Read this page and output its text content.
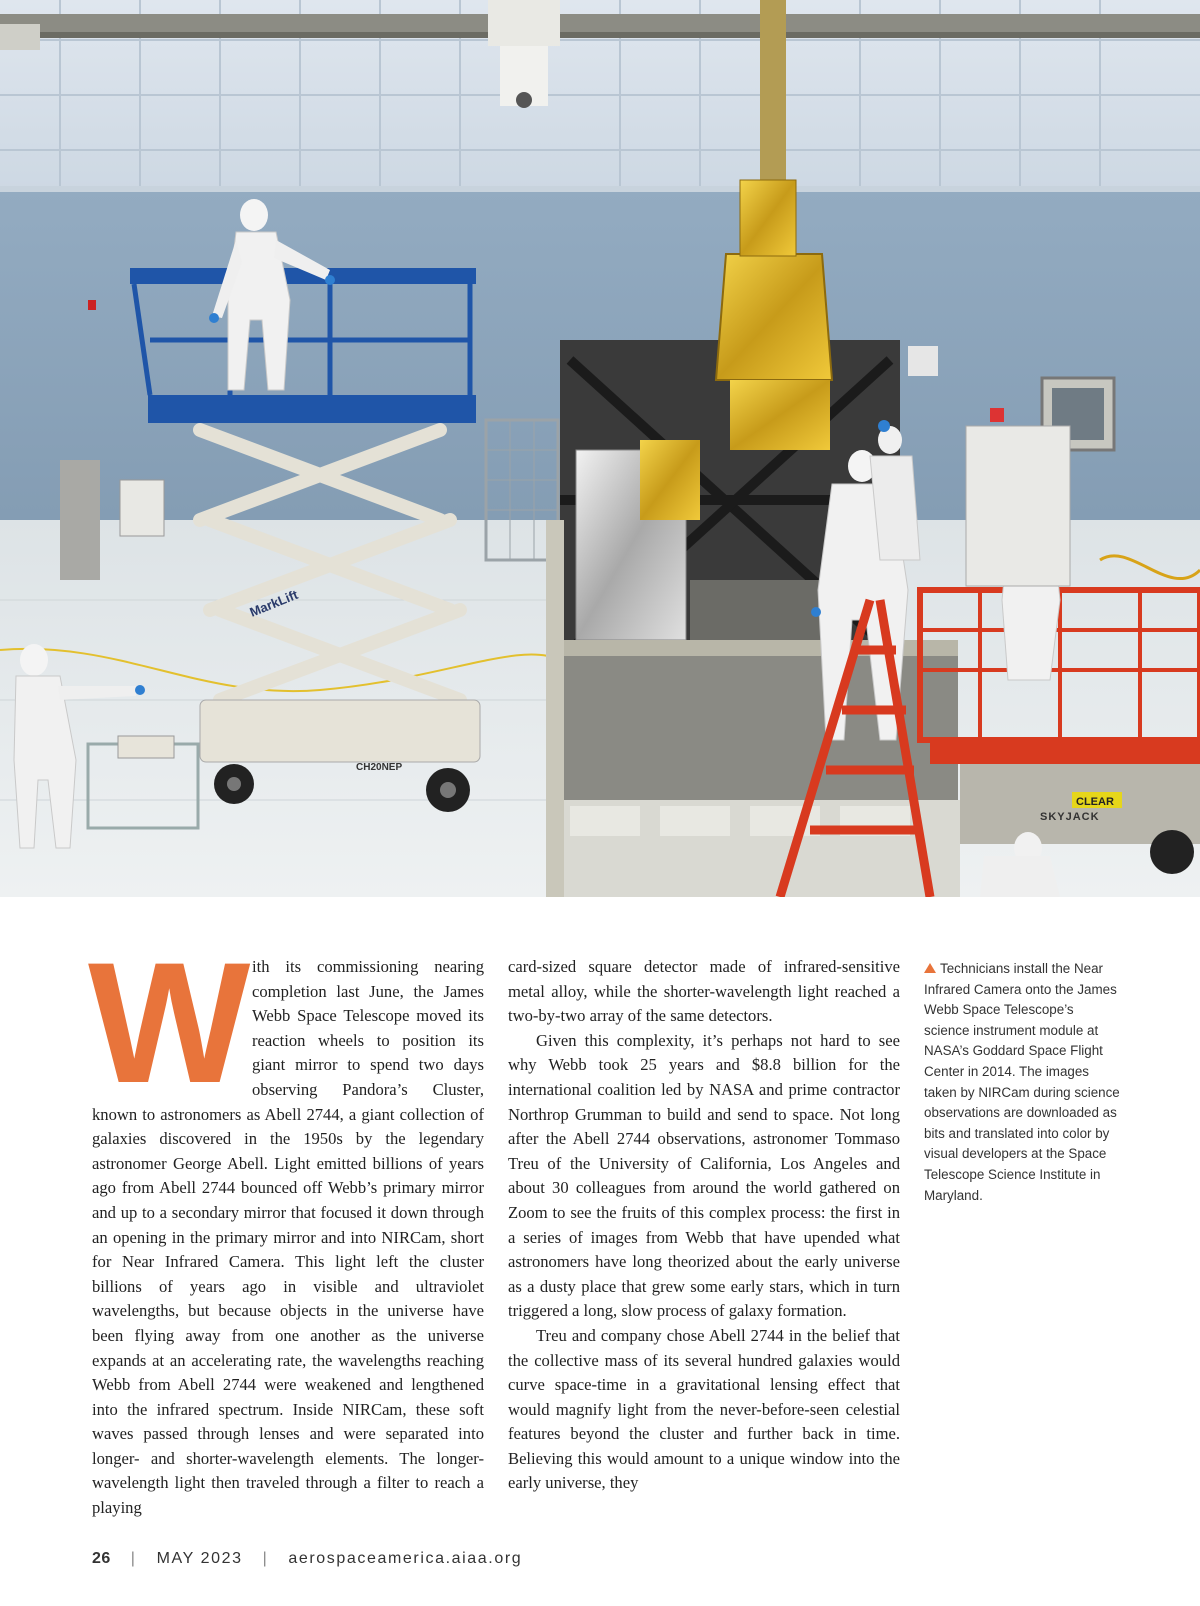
MarkLift
CH20NEP
CLEAR
SKYJACK
W ith its commissioning nearing completion last June, the James Webb Space Telescope moved its reaction wheels to position its giant mirror to spend two days observing Pandora’s Cluster, known to astronomers as Abell 2744, a giant collection of galaxies discovered in the 1950s by the legendary astronomer George Abell. Light emitted billions of years ago from Abell 2744 bounced off Webb’s primary mirror and up to a secondary mirror that focused it down through an opening in the primary mirror and into NIRCam, short for Near Infrared Camera. This light left the cluster billions of years ago in visible and ultraviolet wavelengths, but because objects in the universe have been flying away from one another as the universe expands at an accelerating rate, the wavelengths reaching Webb from Abell 2744 were weakened and lengthened into the infrared spectrum. Inside NIRCam, these soft waves passed through lenses and were separated into longer- and shorter-wavelength elements. The longer-wavelength light then traveled through a filter to reach a playing

card-sized square detector made of infrared-sensitive metal alloy, while the shorter-wavelength light reached a two-by-two array of the same detectors.

Given this complexity, it’s perhaps not hard to see why Webb took 25 years and $8.8 billion for the international coalition led by NASA and prime contractor Northrop Grumman to build and send to space. Not long after the Abell 2744 observations, astronomer Tommaso Treu of the University of California, Los Angeles and about 30 colleagues from around the world gathered on Zoom to see the fruits of this complex process: the first in a series of images from Webb that have upended what astronomers have long theorized about the early universe as a dusty place that grew some early stars, which in turn triggered a long, slow process of galaxy formation.

Treu and company chose Abell 2744 in the belief that the collective mass of its several hundred galaxies would curve space-time in a gravitational lensing effect that would magnify light from the never-before-seen celestial features beyond the cluster and further back in time. Believing this would amount to a unique window into the early universe, they

Technicians install the Near Infrared Camera onto the James Webb Space Telescope’s science instrument module at NASA’s Goddard Space Flight Center in 2014. The images taken by NIRCam during science observations are downloaded as bits and translated into color by visual developers at the Space Telescope Science Institute in Maryland.
26 | MAY 2023 | aerospaceamerica.aiaa.org
